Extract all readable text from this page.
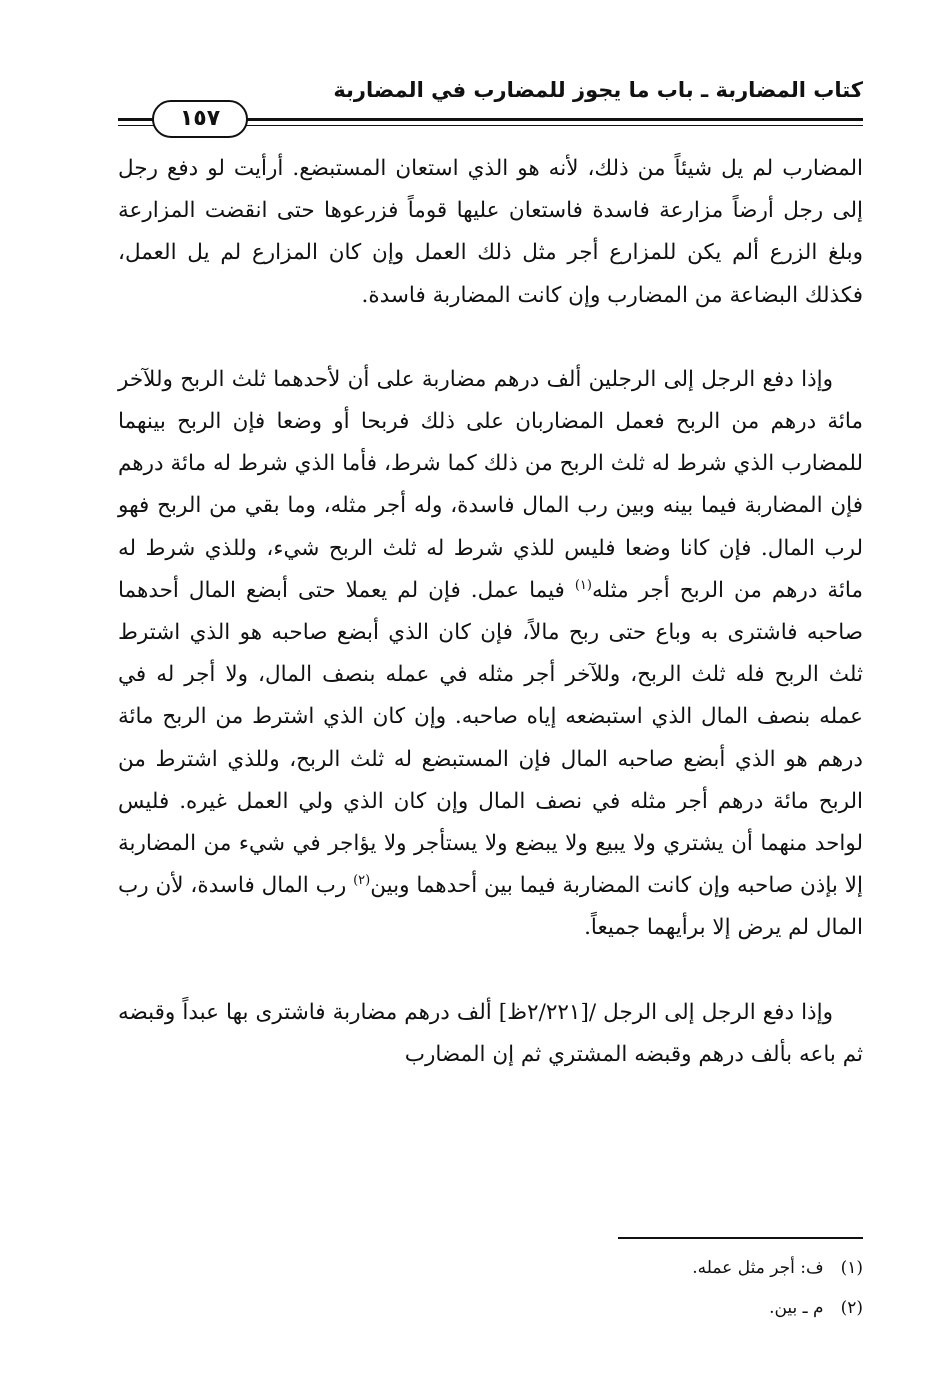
كتاب المضاربة ـ باب ما يجوز للمضارب في المضاربة
١٥٧

المضارب لم يل شيئاً من ذلك، لأنه هو الذي استعان المستبضع. أرأيت لو دفع رجل إلى رجل أرضاً مزارعة فاسدة فاستعان عليها قوماً فزرعوها حتى انقضت المزارعة وبلغ الزرع ألم يكن للمزارع أجر مثل ذلك العمل وإن كان المزارع لم يل العمل، فكذلك البضاعة من المضارب وإن كانت المضاربة فاسدة.

وإذا دفع الرجل إلى الرجلين ألف درهم مضاربة على أن لأحدهما ثلث الربح وللآخر مائة درهم من الربح فعمل المضاربان على ذلك فربحا أو وضعا فإن الربح بينهما للمضارب الذي شرط له ثلث الربح من ذلك كما شرط، فأما الذي شرط له مائة درهم فإن المضاربة فيما بينه وبين رب المال فاسدة، وله أجر مثله، وما بقي من الربح فهو لرب المال. فإن كانا وضعا فليس للذي شرط له ثلث الربح شيء، وللذي شرط له مائة درهم من الربح أجر مثله$^{(١)}$ فيما عمل. فإن لم يعملا حتى أبضع المال أحدهما صاحبه فاشترى به وباع حتى ربح مالاً، فإن كان الذي أبضع صاحبه هو الذي اشترط ثلث الربح فله ثلث الربح، وللآخر أجر مثله في عمله بنصف المال، ولا أجر له في عمله بنصف المال الذي استبضعه إياه صاحبه. وإن كان الذي اشترط من الربح مائة درهم هو الذي أبضع صاحبه المال فإن المستبضع له ثلث الربح، وللذي اشترط من الربح مائة درهم أجر مثله في نصف المال وإن كان الذي ولي العمل غيره. فليس لواحد منهما أن يشتري ولا يبيع ولا يبضع ولا يستأجر ولا يؤاجر في شيء من المضاربة إلا بإذن صاحبه وإن كانت المضاربة فيما بين أحدهما وبين$^{(٢)}$ رب المال فاسدة، لأن رب المال لم يرض إلا برأيهما جميعاً.

وإذا دفع الرجل إلى الرجل /[٢/٢٢١ظ] ألف درهم مضاربة فاشترى بها عبداً وقبضه ثم باعه بألف درهم وقبضه المشتري ثم إن المضارب

(١) ف: أجر مثل عمله.
(٢) م ـ بين.
